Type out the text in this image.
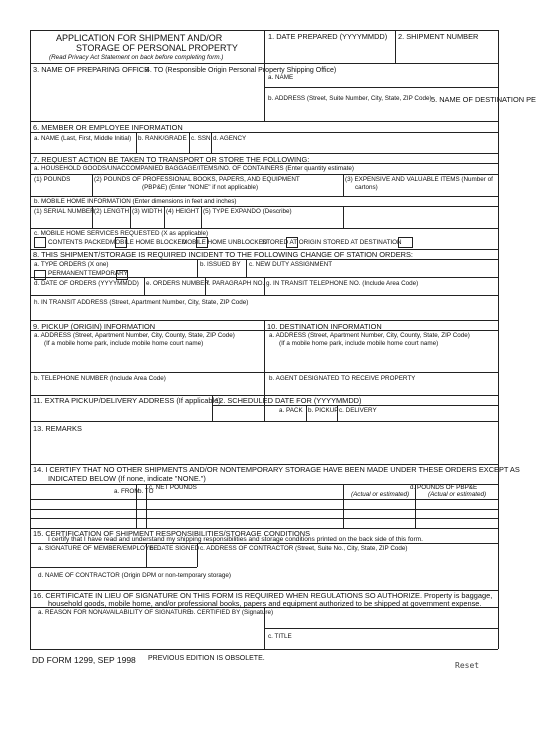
APPLICATION FOR SHIPMENT AND/OR
STORAGE OF PERSONAL PROPERTY
(Read Privacy Act Statement on back before completing form.)
1. DATE PREPARED (YYYYMMDD) 2. SHIPMENT NUMBER
3. NAME OF PREPARING OFFICE
4. TO (Responsible Origin Personal Property Shipping Office)
a. NAME
b. ADDRESS (Street, Suite Number, City, State, ZIP Code) 5. NAME OF DESTINATION PE
6. MEMBER OR EMPLOYEE INFORMATION
a. NAME (Last, First, Middle Initial) b. RANK/GRADE c. SSN d. AGENCY
7. REQUEST ACTION BE TAKEN TO TRANSPORT OR STORE THE FOLLOWING:
a. HOUSEHOLD GOODS/UNACCOMPANIED BAGGAGE/ITEMS/NO. OF CONTAINERS (Enter quantity estimate)
(1) POUNDS	(2) POUNDS OF PROFESSIONAL BOOKS, PAPERS, AND EQUIPMENT
(PBP&E) (Enter "NONE" if not applicable)
(3) EXPENSIVE AND VALUABLE ITEMS (Number of
cartons)
b. MOBILE HOME INFORMATION (Enter dimensions in feet and inches)
(1) SERIAL NUMBER (2) LENGTH (3) WIDTH (4) HEIGHT (5) TYPE EXPANDO (Describe)
c. MOBILE HOME SERVICES REQUESTED (X as applicable)
CONTENTS PACKED MOBILE HOME BLOCKED
MOBILE HOME UNBLOCKED
STORED AT ORIGIN STORED AT DESTINATION
8. THIS SHIPMENT/STORAGE IS REQUIRED INCIDENT TO THE FOLLOWING CHANGE OF STATION ORDERS:
a. TYPE ORDERS (X one)
PERMANENT TEMPORARY
b. ISSUED BY c. NEW DUTY ASSIGNMENT
d. DATE OF ORDERS (YYYYMMDD) e. ORDERS NUMBER
f. PARAGRAPH NO. g. IN TRANSIT TELEPHONE NO. (Include Area Code)
h. IN TRANSIT ADDRESS (Street, Apartment Number, City, State, ZIP Code)
9. PICKUP (ORIGIN) INFORMATION
a. ADDRESS (Street, Apartment Number, City, County, State, ZIP Code)
(If a mobile home park, include mobile home court name)
b. TELEPHONE NUMBER (Include Area Code)
10. DESTINATION INFORMATION
a. ADDRESS (Street, Apartment Number, City, County, State, ZIP Code)
(If a mobile home park, include mobile home court name)
b. AGENT DESIGNATED TO RECEIVE PROPERTY
11. EXTRA PICKUP/DELIVERY ADDRESS (If applicable)
12. SCHEDULED DATE FOR (YYYYMMDD)
a. PACK b. PICKUP c. DELIVERY
13. REMARKS
14. I CERTIFY THAT NO OTHER SHIPMENTS AND/OR NONTEMPORARY STORAGE HAVE BEEN MADE UNDER THESE ORDERS EXCEPT AS
INDICATED BELOW (If none, indicate "NONE.")
a. FROM
b. TO
c. NET POUNDS
(Actual or estimated)
d. POUNDS OF PBP&E
(Actual or estimated)
15. CERTIFICATION OF SHIPMENT RESPONSIBILITIES/STORAGE CONDITIONS
I certify that I have read and understand my shipping responsibilities and storage conditions printed on the back side of this form.
a. SIGNATURE OF MEMBER/EMPLOYEE
b. DATE SIGNED c. ADDRESS OF CONTRACTOR (Street, Suite No., City, State, ZIP Code)
d. NAME OF CONTRACTOR (Origin DPM or non-temporary storage)
16. CERTIFICATE IN LIEU OF SIGNATURE ON THIS FORM IS REQUIRED WHEN REGULATIONS SO AUTHORIZE. Property is baggage,
household goods, mobile home, and/or professional books, papers and equipment authorized to be shipped at government expense.
a. REASON FOR NONAVAILABILITY OF SIGNATURE
b. CERTIFIED BY (Signature)
c. TITLE
DD FORM 1299, SEP 1998 PREVIOUS EDITION IS OBSOLETE.
Reset
